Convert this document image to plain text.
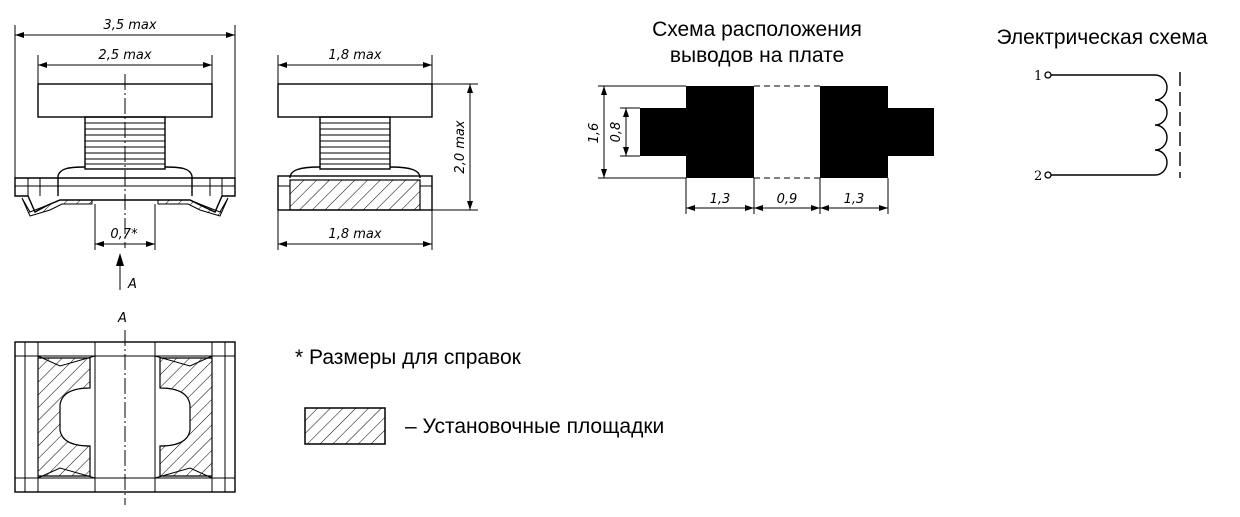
3,5 max
2,5 max
0,7*
A
1,8 max
1,8 max
2,0 max
A
* Размеры для справок
– Установочные площадки
Схема расположения
выводов на плате
1,6 0,8
1,3	0,9	1,3
Электрическая схема
1
2
